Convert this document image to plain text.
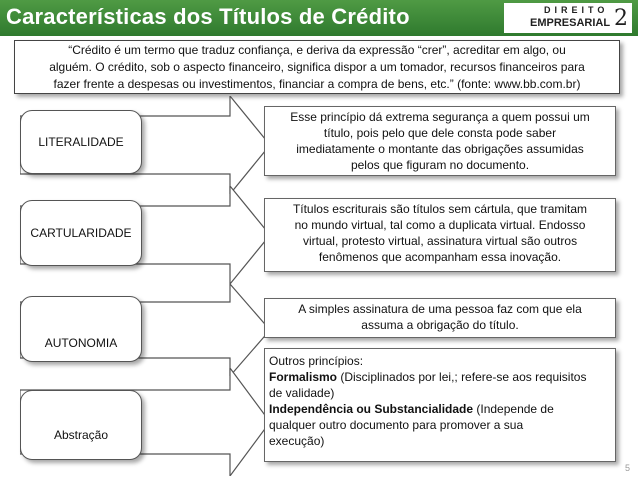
Características dos Títulos de Crédito	DIREITO
EMPRESARIAL 2
“Crédito é um termo que traduz confiança, e deriva da expressão “crer”, acreditar em algo, ou
alguém. O crédito, sob o aspecto financeiro, significa dispor a um tomador, recursos financeiros para
fazer frente a despesas ou investimentos, financiar a compra de bens, etc.” (fonte: www.bb.com.br)
LITERALIDADE
Esse princípio dá extrema segurança a quem possui um
título, pois pelo que dele consta pode saber
imediatamente o montante das obrigações assumidas
pelos que figuram no documento.
CARTULARIDADE
Títulos escriturais são títulos sem cártula, que tramitam
no mundo virtual, tal como a duplicata virtual. Endosso
virtual, protesto virtual, assinatura virtual são outros
fenômenos que acompanham essa inovação.
AUTONOMIA
A simples assinatura de uma pessoa faz com que ela
assuma a obrigação do título.
Abstração
Outros princípios:
Formalismo (Disciplinados por lei,; refere-se aos requisitos
de validade)
Independência ou Substancialidade (Independe de
qualquer outro documento para promover a sua
execução)
5
